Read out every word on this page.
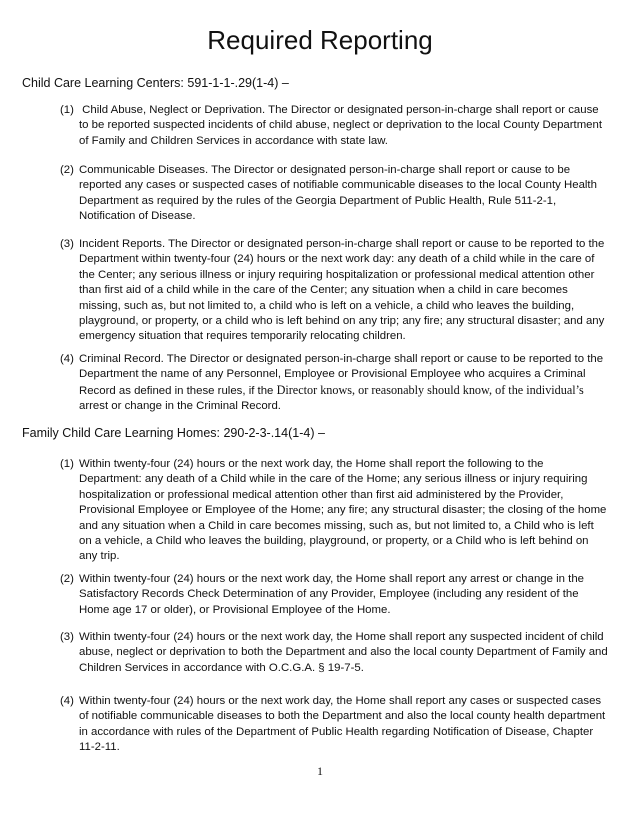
Required Reporting

Child Care Learning Centers: 591-1-1-.29(1-4) –

(1) Child Abuse, Neglect or Deprivation. The Director or designated person-in-charge shall report or cause to be reported suspected incidents of child abuse, neglect or deprivation to the local County Department of Family and Children Services in accordance with state law.
(2) Communicable Diseases. The Director or designated person-in-charge shall report or cause to be reported any cases or suspected cases of notifiable communicable diseases to the local County Health Department as required by the rules of the Georgia Department of Public Health, Rule 511-2-1, Notification of Disease.
(3) Incident Reports. The Director or designated person-in-charge shall report or cause to be reported to the Department within twenty-four (24) hours or the next work day: any death of a child while in the care of the Center; any serious illness or injury requiring hospitalization or professional medical attention other than first aid of a child while in the care of the Center; any situation when a child in care becomes missing, such as, but not limited to, a child who is left on a vehicle, a child who leaves the building, playground, or property, or a child who is left behind on any trip; any fire; any structural disaster; and any emergency situation that requires temporarily relocating children.
(4) Criminal Record. The Director or designated person-in-charge shall report or cause to be reported to the Department the name of any Personnel, Employee or Provisional Employee who acquires a Criminal Record as defined in these rules, if the Director knows, or reasonably should know, of the individual’s arrest or change in the Criminal Record.

Family Child Care Learning Homes: 290-2-3-.14(1-4) –

(1) Within twenty-four (24) hours or the next work day, the Home shall report the following to the Department: any death of a Child while in the care of the Home; any serious illness or injury requiring hospitalization or professional medical attention other than first aid administered by the Provider, Provisional Employee or Employee of the Home; any fire; any structural disaster; the closing of the home and any situation when a Child in care becomes missing, such as, but not limited to, a Child who is left on a vehicle, a Child who leaves the building, playground, or property, or a Child who is left behind on any trip.
(2) Within twenty-four (24) hours or the next work day, the Home shall report any arrest or change in the Satisfactory Records Check Determination of any Provider, Employee (including any resident of the Home age 17 or older), or Provisional Employee of the Home.
(3) Within twenty-four (24) hours or the next work day, the Home shall report any suspected incident of child abuse, neglect or deprivation to both the Department and also the local county Department of Family and Children Services in accordance with O.C.G.A. § 19-7-5.
(4) Within twenty-four (24) hours or the next work day, the Home shall report any cases or suspected cases of notifiable communicable diseases to both the Department and also the local county health department in accordance with rules of the Department of Public Health regarding Notification of Disease, Chapter 11-2-11.

1
